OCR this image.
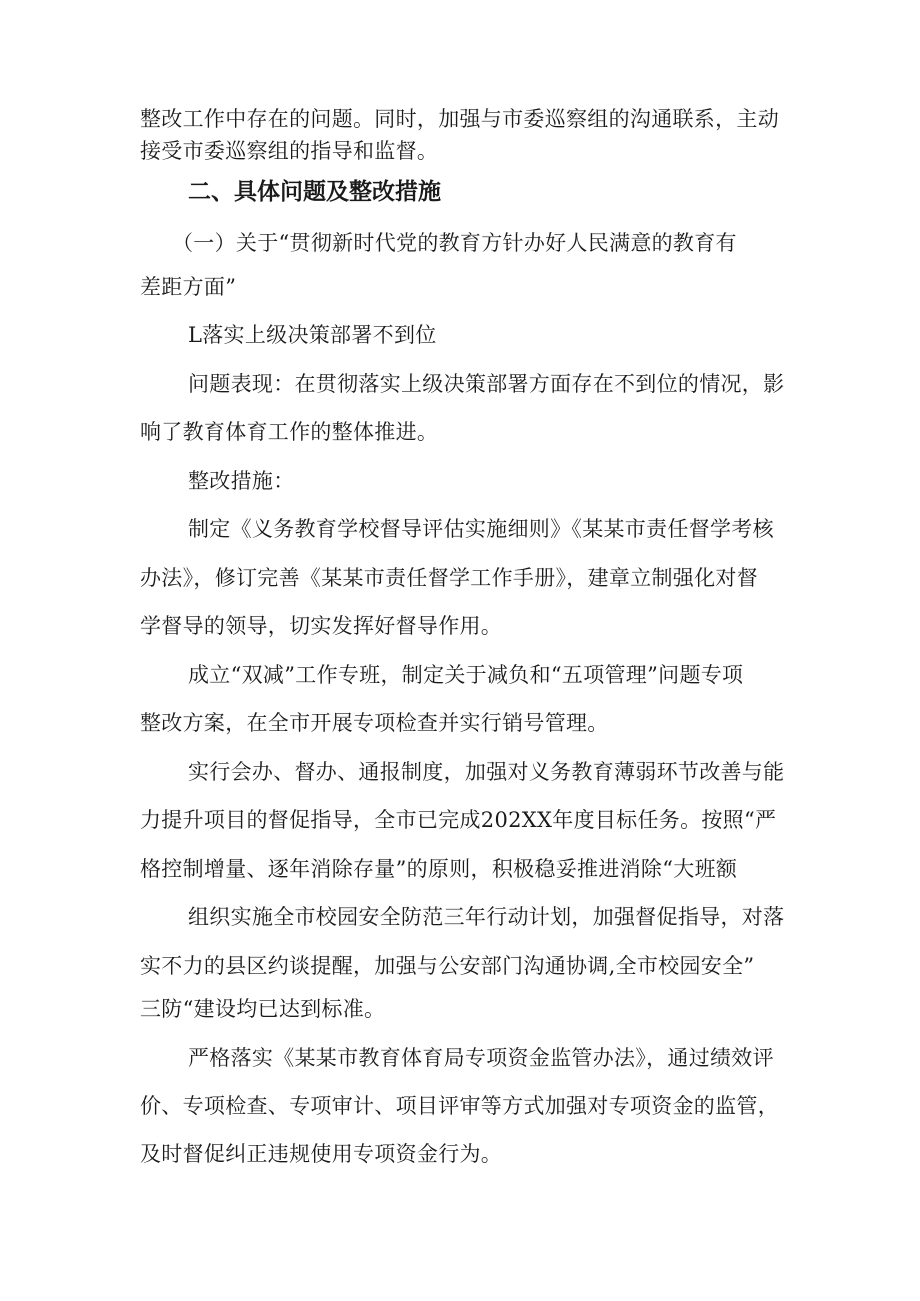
整改工作中存在的问题。同时，加强与市委巡察组的沟通联系，主动
接受市委巡察组的指导和监督。
二、具体问题及整改措施
（一）关于“贯彻新时代党的教育方针办好人民满意的教育有
差距方面”
L落实上级决策部署不到位
问题表现：在贯彻落实上级决策部署方面存在不到位的情况，影
响了教育体育工作的整体推进。
整改措施：
制定《义务教育学校督导评估实施细则》《某某市责任督学考核
办法》，修订完善《某某市责任督学工作手册》，建章立制强化对督
学督导的领导，切实发挥好督导作用。
成立“双减”工作专班，制定关于减负和“五项管理”问题专项
整改方案，在全市开展专项检查并实行销号管理。
实行会办、督办、通报制度，加强对义务教育薄弱环节改善与能
力提升项目的督促指导，全市已完成202XX年度目标任务。按照“严
格控制增量、逐年消除存量”的原则，积极稳妥推进消除“大班额
组织实施全市校园安全防范三年行动计划，加强督促指导，对落
实不力的县区约谈提醒，加强与公安部门沟通协调,全市校园安全”
三防“建设均已达到标准。
严格落实《某某市教育体育局专项资金监管办法》，通过绩效评
价、专项检查、专项审计、项目评审等方式加强对专项资金的监管，
及时督促纠正违规使用专项资金行为。
